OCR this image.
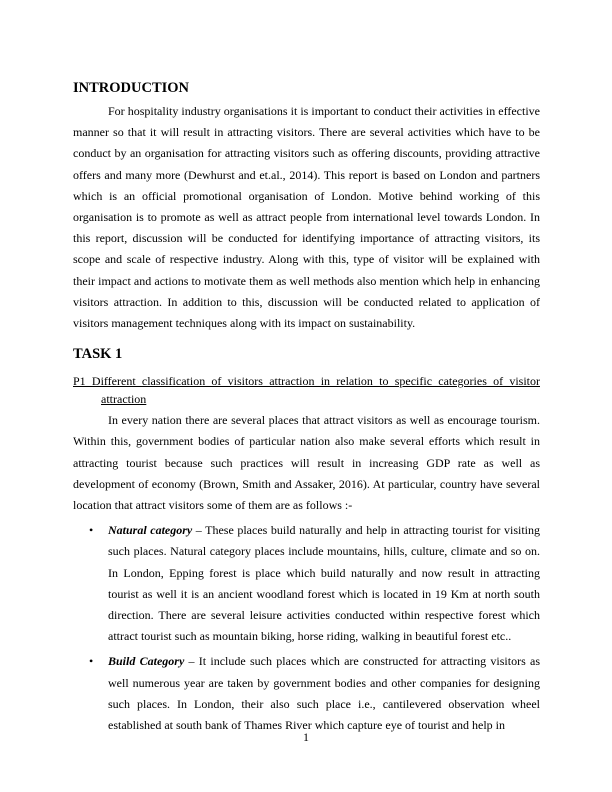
INTRODUCTION

For hospitality industry organisations it is important to conduct their activities in effective manner so that it will result in attracting visitors. There are several activities which have to be conduct by an organisation for attracting visitors such as offering discounts, providing attractive offers and many more (Dewhurst and et.al., 2014). This report is based on London and partners which is an official promotional organisation of London. Motive behind working of this organisation is to promote as well as attract people from international level towards London. In this report, discussion will be conducted for identifying importance of attracting visitors, its scope and scale of respective industry. Along with this, type of visitor will be explained with their impact and actions to motivate them as well methods also mention which help in enhancing visitors attraction. In addition to this, discussion will be conducted related to application of visitors management techniques along with its impact on sustainability.

TASK 1
P1 Different classification of visitors attraction in relation to specific categories of visitor
attraction

In every nation there are several places that attract visitors as well as encourage tourism. Within this, government bodies of particular nation also make several efforts which result in attracting tourist because such practices will result in increasing GDP rate as well as development of economy (Brown, Smith and Assaker, 2016). At particular, country have several location that attract visitors some of them are as follows :-

• Natural category – These places build naturally and help in attracting tourist for visiting such places. Natural category places include mountains, hills, culture, climate and so on. In London, Epping forest is place which build naturally and now result in attracting tourist as well it is an ancient woodland forest which is located in 19 Km at north south direction. There are several leisure activities conducted within respective forest which attract tourist such as mountain biking, horse riding, walking in beautiful forest etc..
• Build Category – It include such places which are constructed for attracting visitors as well numerous year are taken by government bodies and other companies for designing such places. In London, their also such place i.e., cantilevered observation wheel established at south bank of Thames River which capture eye of tourist and help in
1
